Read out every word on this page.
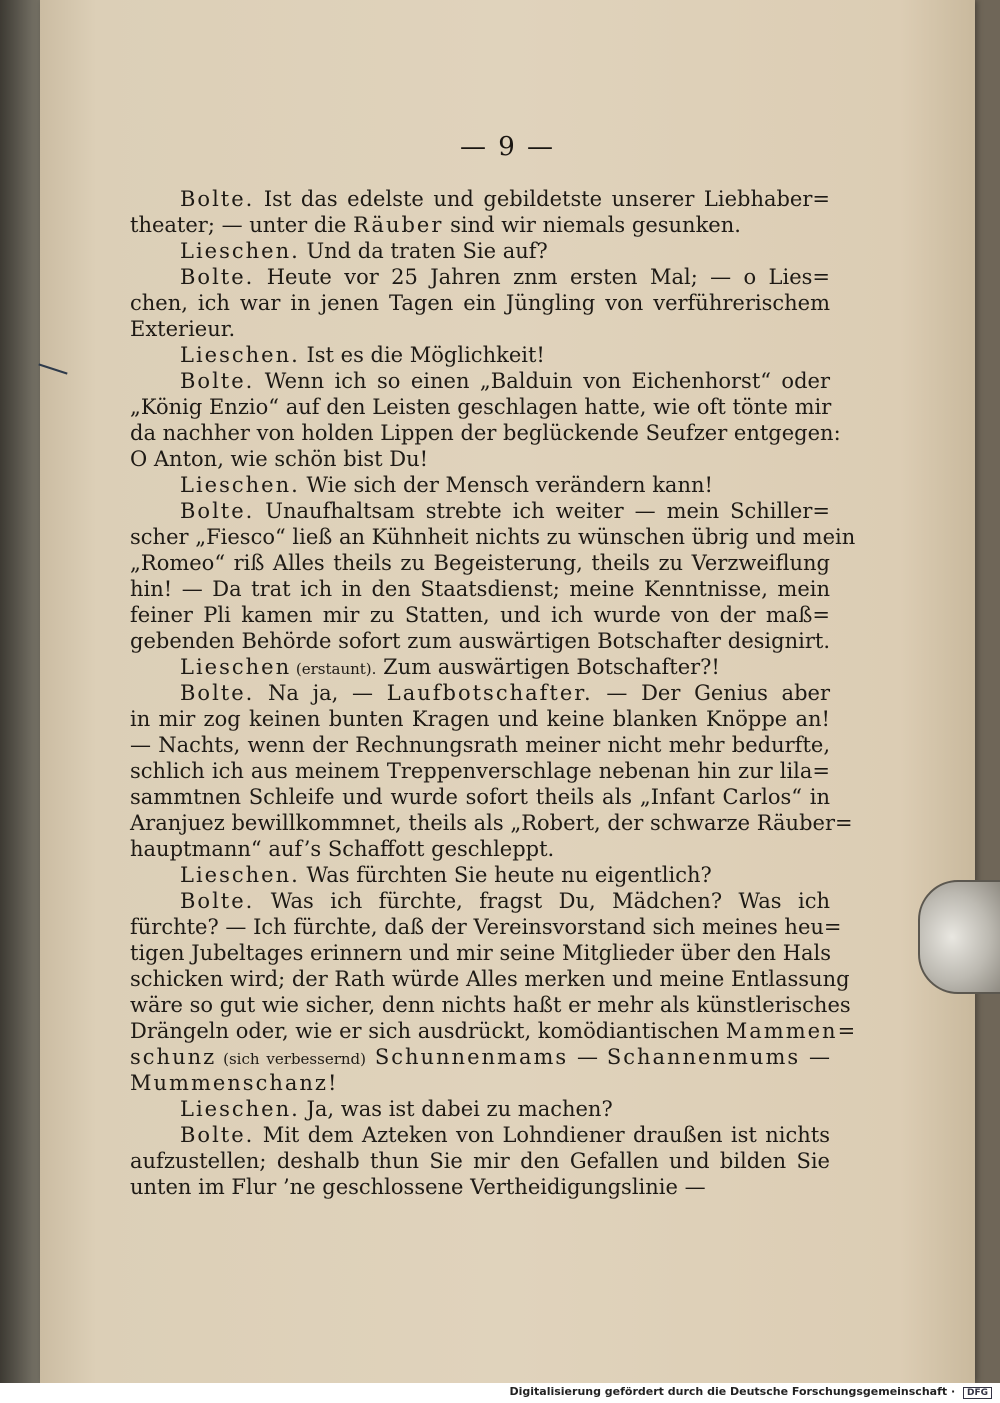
— 9 —
Bolte. Ist das edelste und gebildetste unserer Liebhaber=
theater; — unter die Räuber sind wir niemals gesunken.
Lieschen. Und da traten Sie auf?
Bolte. Heute vor 25 Jahren znm ersten Mal; — o Lies=
chen, ich war in jenen Tagen ein Jüngling von verführerischem
Exterieur.
Lieschen. Ist es die Möglichkeit!
Bolte. Wenn ich so einen „Balduin von Eichenhorst“ oder
„König Enzio“ auf den Leisten geschlagen hatte, wie oft tönte mir
da nachher von holden Lippen der beglückende Seufzer entgegen:
O Anton, wie schön bist Du!
Lieschen. Wie sich der Mensch verändern kann!
Bolte. Unaufhaltsam strebte ich weiter — mein Schiller=
scher „Fiesco“ ließ an Kühnheit nichts zu wünschen übrig und mein
„Romeo“ riß Alles theils zu Begeisterung, theils zu Verzweiflung
hin! — Da trat ich in den Staatsdienst; meine Kenntnisse, mein
feiner Pli kamen mir zu Statten, und ich wurde von der maß=
gebenden Behörde sofort zum auswärtigen Botschafter designirt.
Lieschen (erstaunt). Zum auswärtigen Botschafter?!
Bolte. Na ja, — Laufbotschafter. — Der Genius aber
in mir zog keinen bunten Kragen und keine blanken Knöppe an!
— Nachts, wenn der Rechnungsrath meiner nicht mehr bedurfte,
schlich ich aus meinem Treppenverschlage nebenan hin zur lila=
sammtnen Schleife und wurde sofort theils als „Infant Carlos“ in
Aranjuez bewillkommnet, theils als „Robert, der schwarze Räuber=
hauptmann“ auf’s Schaffott geschleppt.
Lieschen. Was fürchten Sie heute nu eigentlich?
Bolte. Was ich fürchte, fragst Du, Mädchen? Was ich
fürchte? — Ich fürchte, daß der Vereinsvorstand sich meines heu=
tigen Jubeltages erinnern und mir seine Mitglieder über den Hals
schicken wird; der Rath würde Alles merken und meine Entlassung
wäre so gut wie sicher, denn nichts haßt er mehr als künstlerisches
Drängeln oder, wie er sich ausdrückt, komödiantischen Mammen=
schunz (sich verbessernd) Schunnenmams — Schannenmums —
Mummenschanz!
Lieschen. Ja, was ist dabei zu machen?
Bolte. Mit dem Azteken von Lohndiener draußen ist nichts
aufzustellen; deshalb thun Sie mir den Gefallen und bilden Sie
unten im Flur ’ne geschlossene Vertheidigungslinie —
Digitalisierung gefördert durch die Deutsche Forschungsgemeinschaft · DFG
